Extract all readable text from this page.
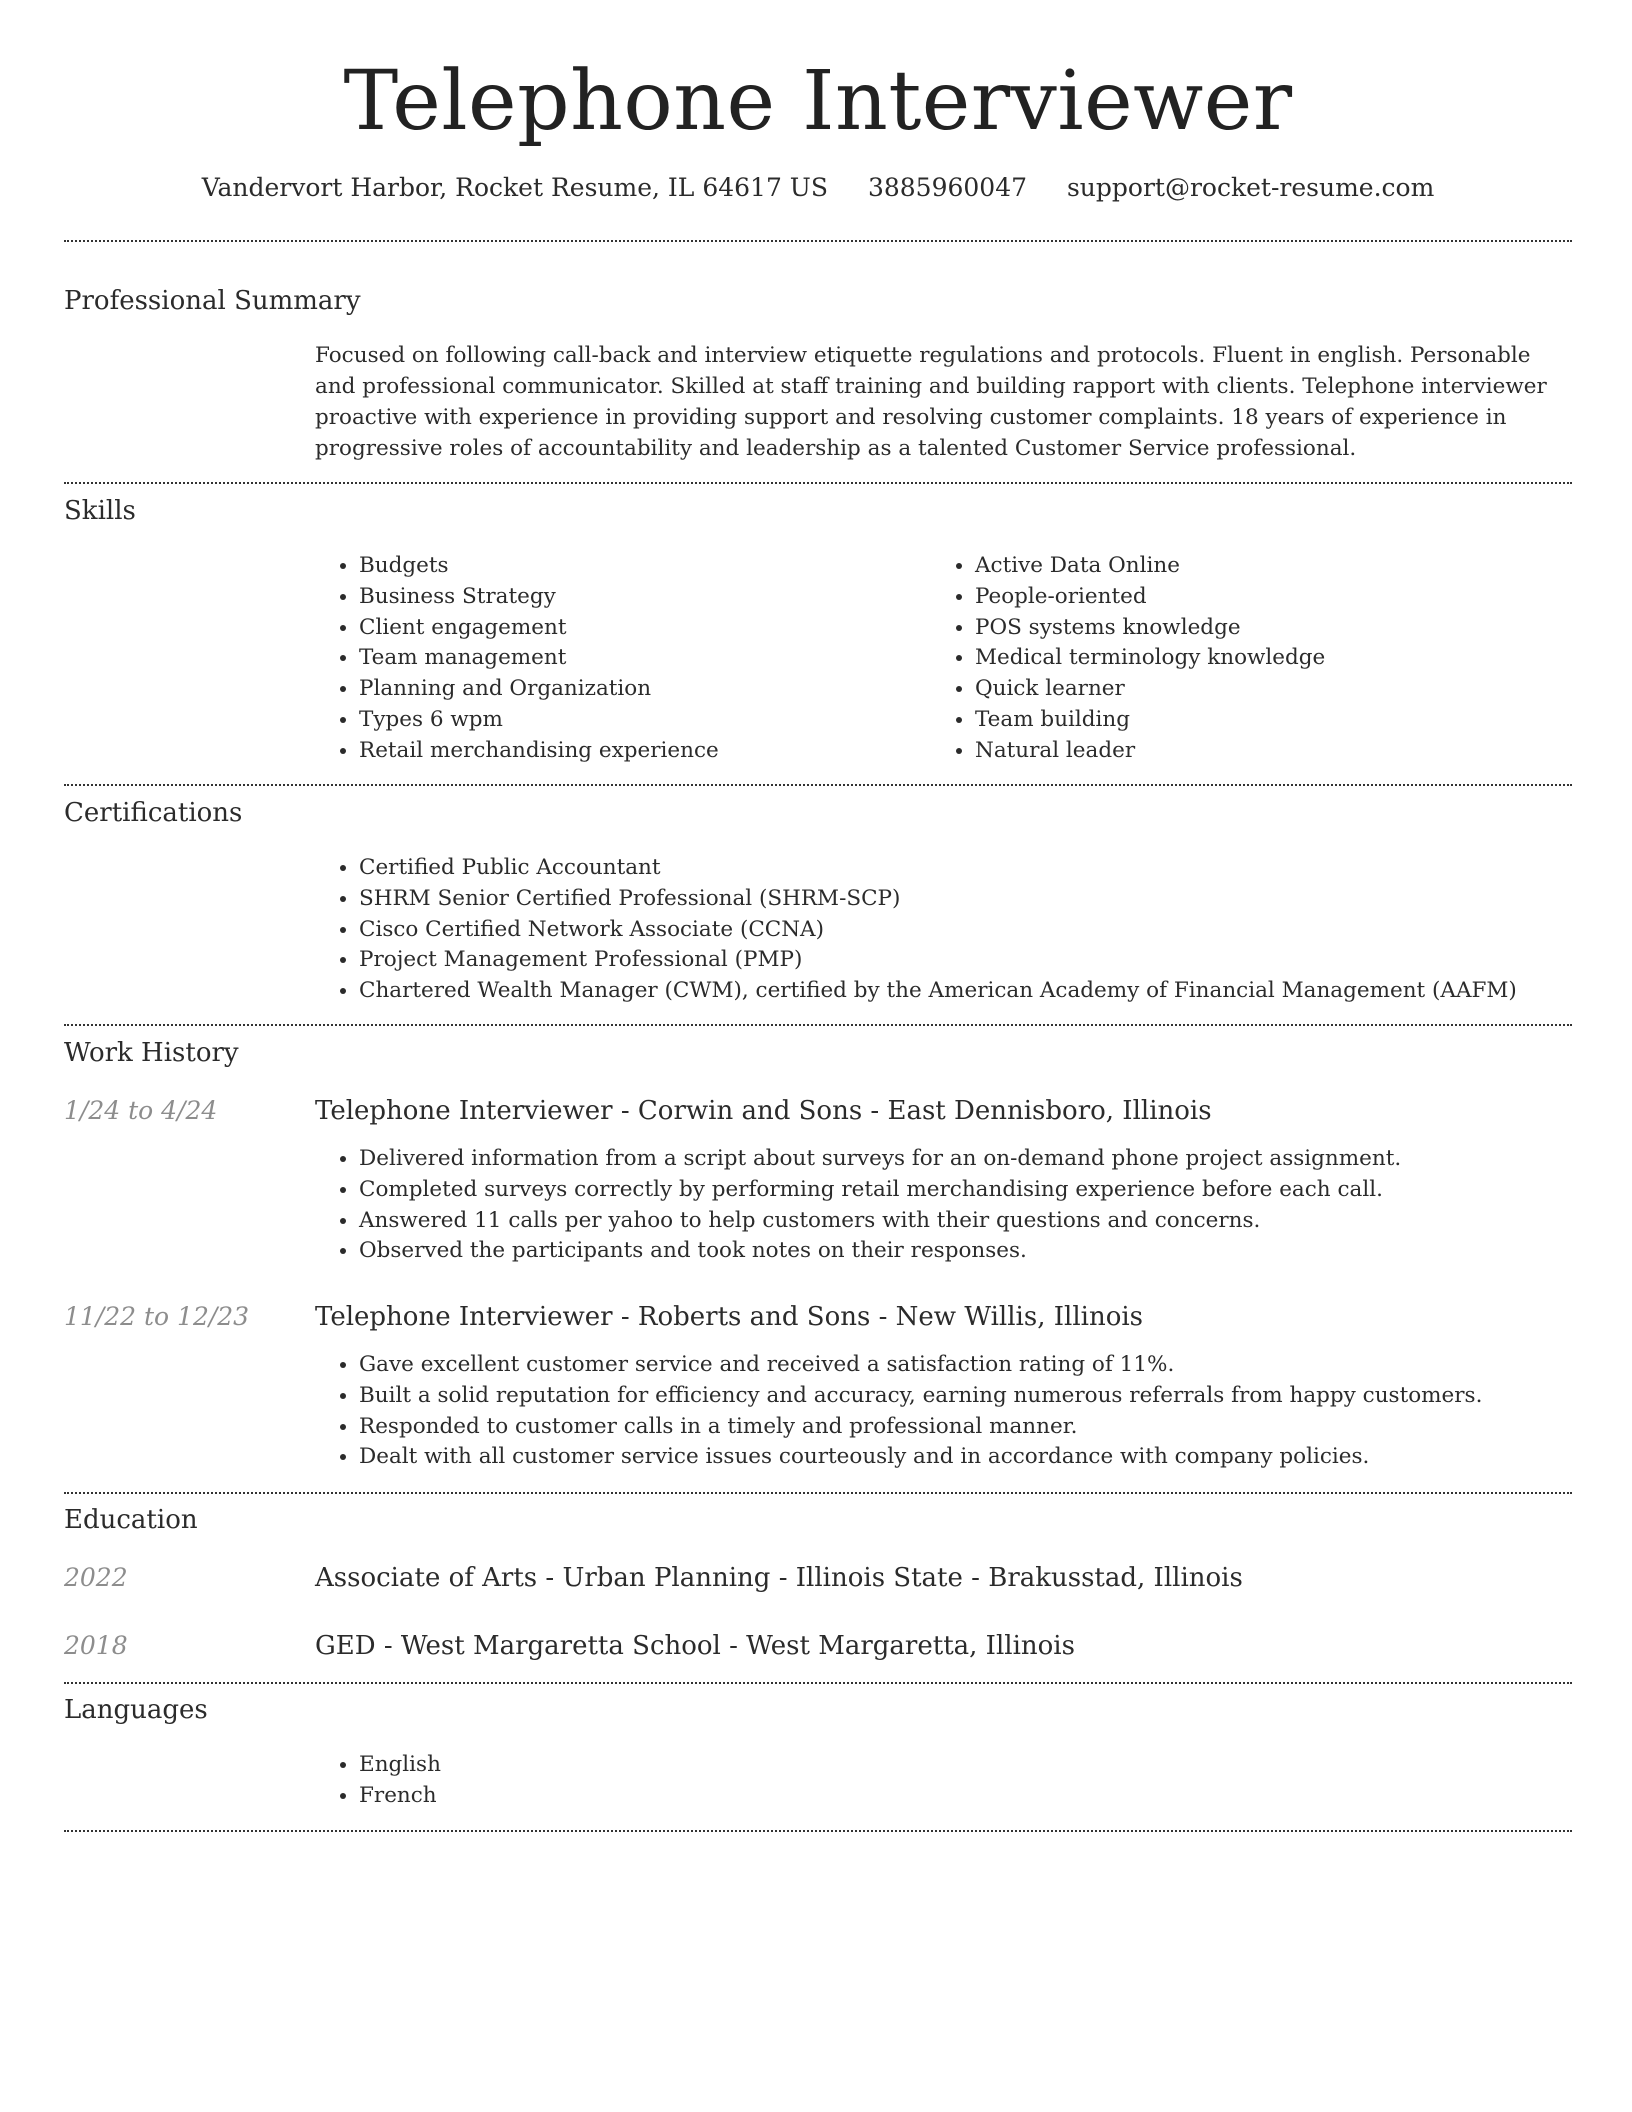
Telephone Interviewer
Vandervort Harbor, Rocket Resume, IL 64617 US 3885960047 support@rocket-resume.com
Professional Summary
Focused on following call-back and interview etiquette regulations and protocols. Fluent in english. Personable and professional communicator. Skilled at staff training and building rapport with clients. Telephone interviewer proactive with experience in providing support and resolving customer complaints. 18 years of experience in progressive roles of accountability and leadership as a talented Customer Service professional.
Skills
• Budgets
• Business Strategy
• Client engagement
• Team management
• Planning and Organization
• Types 6 wpm
• Retail merchandising experience
• Active Data Online
• People-oriented
• POS systems knowledge
• Medical terminology knowledge
• Quick learner
• Team building
• Natural leader
Certifications
• Certified Public Accountant
• SHRM Senior Certified Professional (SHRM-SCP)
• Cisco Certified Network Associate (CCNA)
• Project Management Professional (PMP)
• Chartered Wealth Manager (CWM), certified by the American Academy of Financial Management (AAFM)
Work History
1/24 to 4/24	Telephone Interviewer - Corwin and Sons - East Dennisboro, Illinois
• Delivered information from a script about surveys for an on-demand phone project assignment.
• Completed surveys correctly by performing retail merchandising experience before each call.
• Answered 11 calls per yahoo to help customers with their questions and concerns.
• Observed the participants and took notes on their responses.
11/22 to 12/23	Telephone Interviewer - Roberts and Sons - New Willis, Illinois
• Gave excellent customer service and received a satisfaction rating of 11%.
• Built a solid reputation for efficiency and accuracy, earning numerous referrals from happy customers.
• Responded to customer calls in a timely and professional manner.
• Dealt with all customer service issues courteously and in accordance with company policies.
Education
2022	Associate of Arts - Urban Planning - Illinois State - Brakusstad, Illinois
2018	GED - West Margaretta School - West Margaretta, Illinois
Languages
• English
• French
